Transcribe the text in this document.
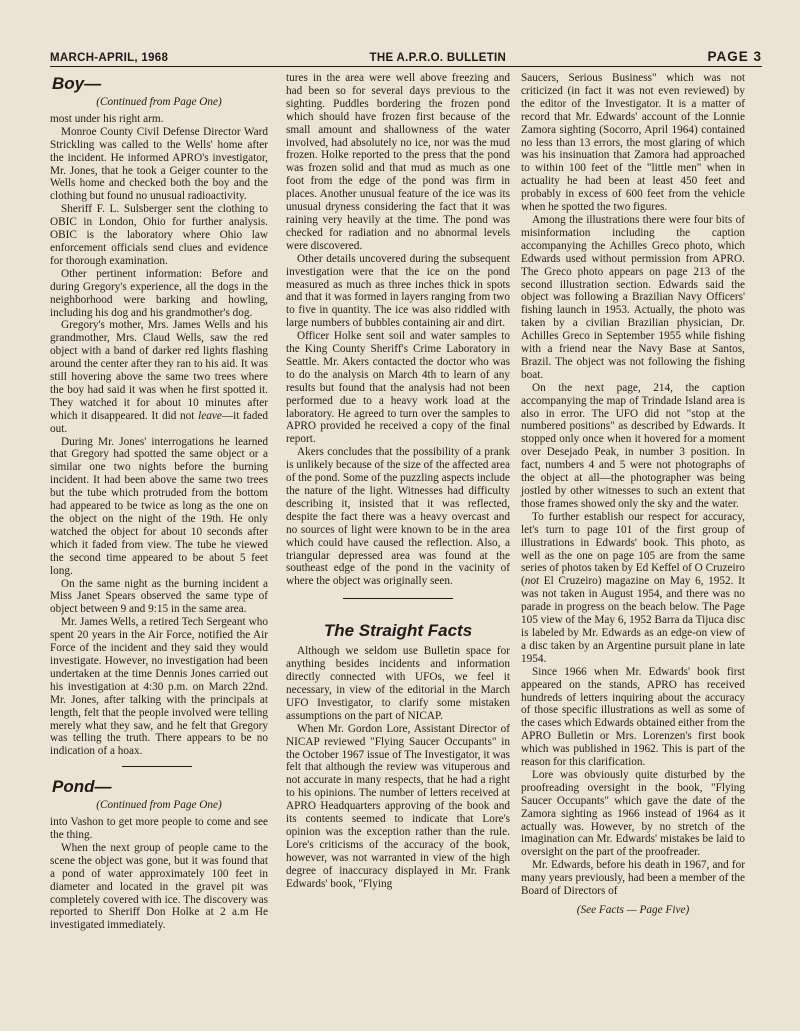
MARCH-APRIL, 1968	THE A.P.R.O. BULLETIN	PAGE 3
Boy—
(Continued from Page One)

most under his right arm.

Monroe County Civil Defense Director Ward Strickling was called to the Wells' home after the incident. He informed APRO's investigator, Mr. Jones, that he took a Geiger counter to the Wells home and checked both the boy and the clothing but found no unusual radioactivity.

Sheriff F. L. Sulsberger sent the clothing to OBIC in London, Ohio for further analysis. OBIC is the laboratory where Ohio law enforcement officials send clues and evidence for thorough examination.

Other pertinent information: Before and during Gregory's experience, all the dogs in the neighborhood were barking and howling, including his dog and his grandmother's dog.

Gregory's mother, Mrs. James Wells and his grandmother, Mrs. Claud Wells, saw the red object with a band of darker red lights flashing around the center after they ran to his aid. It was still hovering above the same two trees where the boy had said it was when he first spotted it. They watched it for about 10 minutes after which it disappeared. It did not leave—it faded out.

During Mr. Jones' interrogations he learned that Gregory had spotted the same object or a similar one two nights before the burning incident. It had been above the same two trees but the tube which protruded from the bottom had appeared to be twice as long as the one on the object on the night of the 19th. He only watched the object for about 10 seconds after which it faded from view. The tube he viewed the second time appeared to be about 5 feet long.

On the same night as the burning incident a Miss Janet Spears observed the same type of object between 9 and 9:15 in the same area.

Mr. James Wells, a retired Tech Sergeant who spent 20 years in the Air Force, notified the Air Force of the incident and they said they would investigate. However, no investigation had been undertaken at the time Dennis Jones carried out his investigation at 4:30 p.m. on March 22nd. Mr. Jones, after talking with the principals at length, felt that the people involved were telling merely what they saw, and he felt that Gregory was telling the truth. There appears to be no indication of a hoax.

Pond—
(Continued from Page One)

into Vashon to get more people to come and see the thing.

When the next group of people came to the scene the object was gone, but it was found that a pond of water approximately 100 feet in diameter and located in the gravel pit was completely covered with ice. The discovery was reported to Sheriff Don Holke at 2 a.m He investigated immediately.

tures in the area were well above freezing and had been so for several days previous to the sighting. Puddles bordering the frozen pond which should have frozen first because of the small amount and shallowness of the water involved, had absolutely no ice, nor was the mud frozen. Holke reported to the press that the pond was frozen solid and that mud as much as one foot from the edge of the pond was firm in places. Another unusual feature of the ice was its unusual dryness considering the fact that it was raining very heavily at the time. The pond was checked for radiation and no abnormal levels were discovered.

Other details uncovered during the subsequent investigation were that the ice on the pond measured as much as three inches thick in spots and that it was formed in layers ranging from two to five in quantity. The ice was also riddled with large numbers of bubbles containing air and dirt.

Officer Holke sent soil and water samples to the King County Sheriff's Crime Laboratory in Seattle. Mr. Akers contacted the doctor who was to do the analysis on March 4th to learn of any results but found that the analysis had not been performed due to a heavy work load at the laboratory. He agreed to turn over the samples to APRO provided he received a copy of the final report.

Akers concludes that the possibility of a prank is unlikely because of the size of the affected area of the pond. Some of the puzzling aspects include the nature of the light. Witnesses had difficulty describing it, insisted that it was reflected, despite the fact there was a heavy overcast and no sources of light were known to be in the area which could have caused the reflection. Also, a triangular depressed area was found at the southeast edge of the pond in the vacinity of where the object was originally seen.

The Straight Facts

Although we seldom use Bulletin space for anything besides incidents and information directly connected with UFOs, we feel it necessary, in view of the editorial in the March UFO Investigator, to clarify some mistaken assumptions on the part of NICAP.

When Mr. Gordon Lore, Assistant Director of NICAP reviewed "Flying Saucer Occupants" in the October 1967 issue of The Investigator, it was felt that although the review was vituperous and not accurate in many respects, that he had a right to his opinions. The number of letters received at APRO Headquarters approving of the book and its contents seemed to indicate that Lore's opinion was the exception rather than the rule. Lore's criticisms of the accuracy of the book, however, was not warranted in view of the high degree of inaccuracy displayed in Mr. Frank Edwards' book, "Flying

Saucers, Serious Business" which was not criticized (in fact it was not even reviewed) by the editor of the Investigator. It is a matter of record that Mr. Edwards' account of the Lonnie Zamora sighting (Socorro, April 1964) contained no less than 13 errors, the most glaring of which was his insinuation that Zamora had approached to within 100 feet of the "little men" when in actuality he had been at least 450 feet and probably in excess of 600 feet from the vehicle when he spotted the two figures.

Among the illustrations there were four bits of misinformation including the caption accompanying the Achilles Greco photo, which Edwards used without permission from APRO. The Greco photo appears on page 213 of the second illustration section. Edwards said the object was following a Brazilian Navy Officers' fishing launch in 1953. Actually, the photo was taken by a civilian Brazilian physician, Dr. Achilles Greco in September 1955 while fishing with a friend near the Navy Base at Santos, Brazil. The object was not following the fishing boat.

On the next page, 214, the caption accompanying the map of Trindade Island area is also in error. The UFO did not "stop at the numbered positions" as described by Edwards. It stopped only once when it hovered for a moment over Desejado Peak, in number 3 position. In fact, numbers 4 and 5 were not photographs of the object at all—the photographer was being jostled by other witnesses to such an extent that those frames showed only the sky and the water.

To further establish our respect for accuracy, let's turn to page 101 of the first group of illustrations in Edwards' book. This photo, as well as the one on page 105 are from the same series of photos taken by Ed Keffel of O Cruzeiro (not El Cruzeiro) magazine on May 6, 1952. It was not taken in August 1954, and there was no parade in progress on the beach below. The Page 105 view of the May 6, 1952 Barra da Tijuca disc is labeled by Mr. Edwards as an edge-on view of a disc taken by an Argentine pursuit plane in late 1954.

Since 1966 when Mr. Edwards' book first appeared on the stands, APRO has received hundreds of letters inquiring about the accuracy of those specific illustrations as well as some of the cases which Edwards obtained either from the APRO Bulletin or Mrs. Lorenzen's first book which was published in 1962. This is part of the reason for this clarification.

Lore was obviously quite disturbed by the proofreading oversight in the book, "Flying Saucer Occupants" which gave the date of the Zamora sighting as 1966 instead of 1964 as it actually was. However, by no stretch of the imagination can Mr. Edwards' mistakes be laid to oversight on the part of the proofreader.

Mr. Edwards, before his death in 1967, and for many years previously, had been a member of the Board of Directors of

(See Facts — Page Five)
